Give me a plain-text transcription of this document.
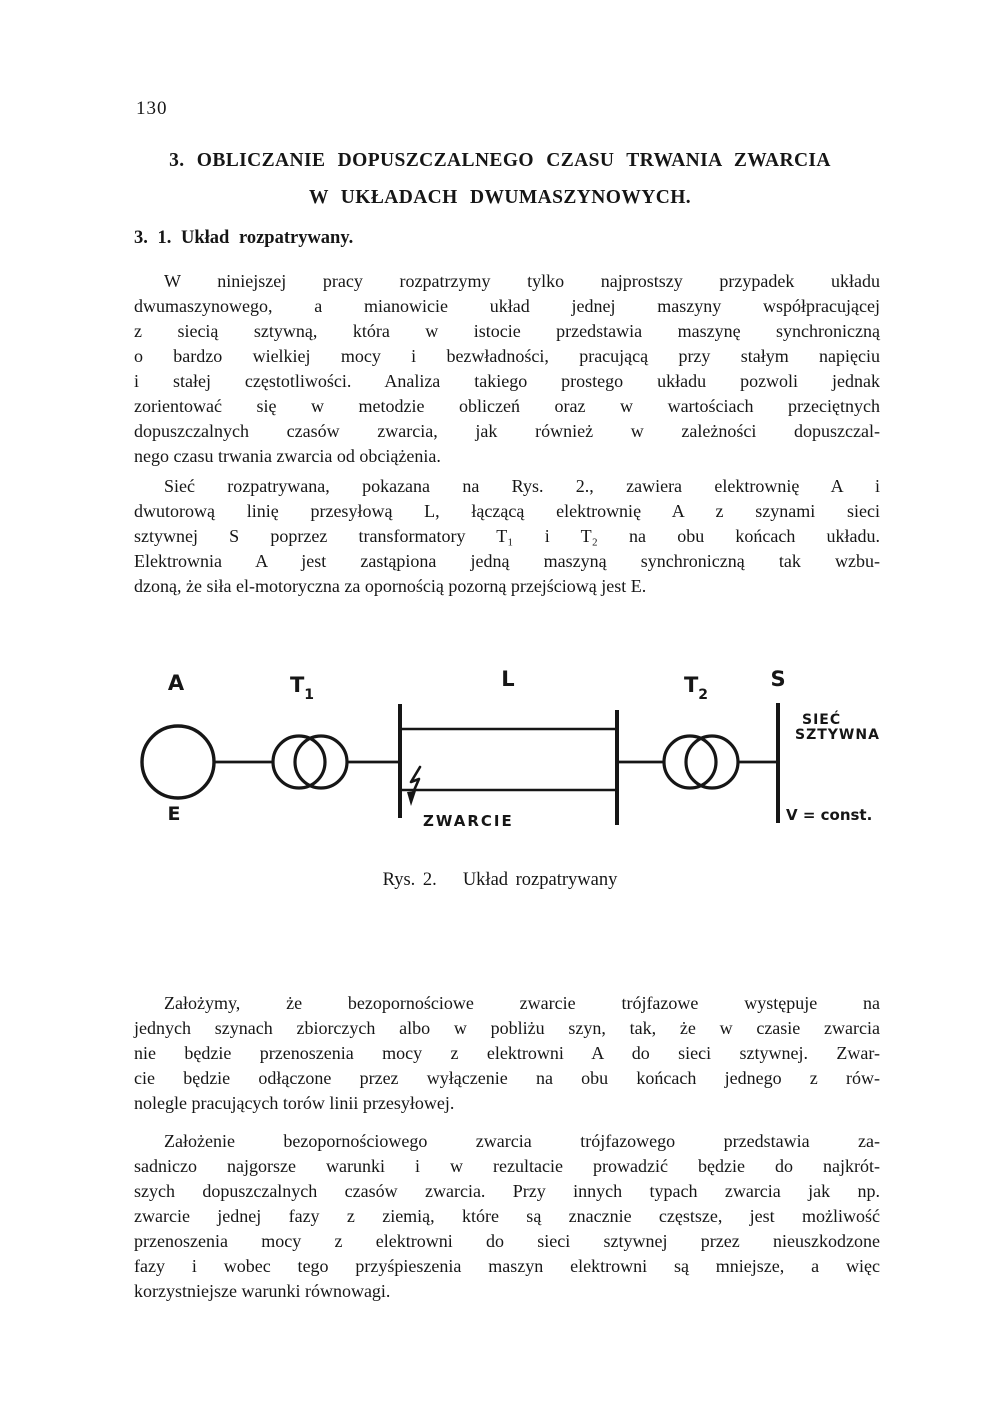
130
3. OBLICZANIE DOPUSZCZALNEGO CZASU TRWANIA ZWARCIA
W UKŁADACH DWUMASZYNOWYCH.
3. 1. Układ rozpatrywany.
W niniejszej pracy rozpatrzymy tylko najprostszy przypadek układu
dwumaszynowego, a mianowicie układ jednej maszyny współpracującej
z siecią sztywną, która w istocie przedstawia maszynę synchroniczną
o bardzo wielkiej mocy i bezwładności, pracującą przy stałym napięciu
i stałej częstotliwości. Analiza takiego prostego układu pozwoli jednak
zorientować się w metodzie obliczeń oraz w wartościach przeciętnych
dopuszczalnych czasów zwarcia, jak również w zależności dopuszczal-
nego czasu trwania zwarcia od obciążenia.
Sieć rozpatrywana, pokazana na Rys. 2., zawiera elektrownię A i
dwutorową linię przesyłową L, łączącą elektrownię A z szynami sieci
sztywnej S poprzez transformatory T₁ i T₂ na obu końcach układu.
Elektrownia A jest zastąpiona jedną maszyną synchroniczną tak wzbu-
dzoną, że siła el-motoryczna za opornością pozorną przejściową jest E.
A
E
$T_1$
L
ZWARCIE
$T_2$
S
SIEĆ
SZTYWNA
V = const.
Rys. 2. Układ rozpatrywany
Założymy, że bezopornościowe zwarcie trójfazowe występuje na
jednych szynach zbiorczych albo w pobliżu szyn, tak, że w czasie zwarcia
nie będzie przenoszenia mocy z elektrowni A do sieci sztywnej. Zwar-
cie będzie odłączone przez wyłączenie na obu końcach jednego z rów-
nolegle pracujących torów linii przesyłowej.
Założenie bezopornościowego zwarcia trójfazowego przedstawia za-
sadniczo najgorsze warunki i w rezultacie prowadzić będzie do najkrót-
szych dopuszczalnych czasów zwarcia. Przy innych typach zwarcia jak np.
zwarcie jednej fazy z ziemią, które są znacznie częstsze, jest możliwość
przenoszenia mocy z elektrowni do sieci sztywnej przez nieuszkodzone
fazy i wobec tego przyśpieszenia maszyn elektrowni są mniejsze, a więc
korzystniejsze warunki równowagi.
